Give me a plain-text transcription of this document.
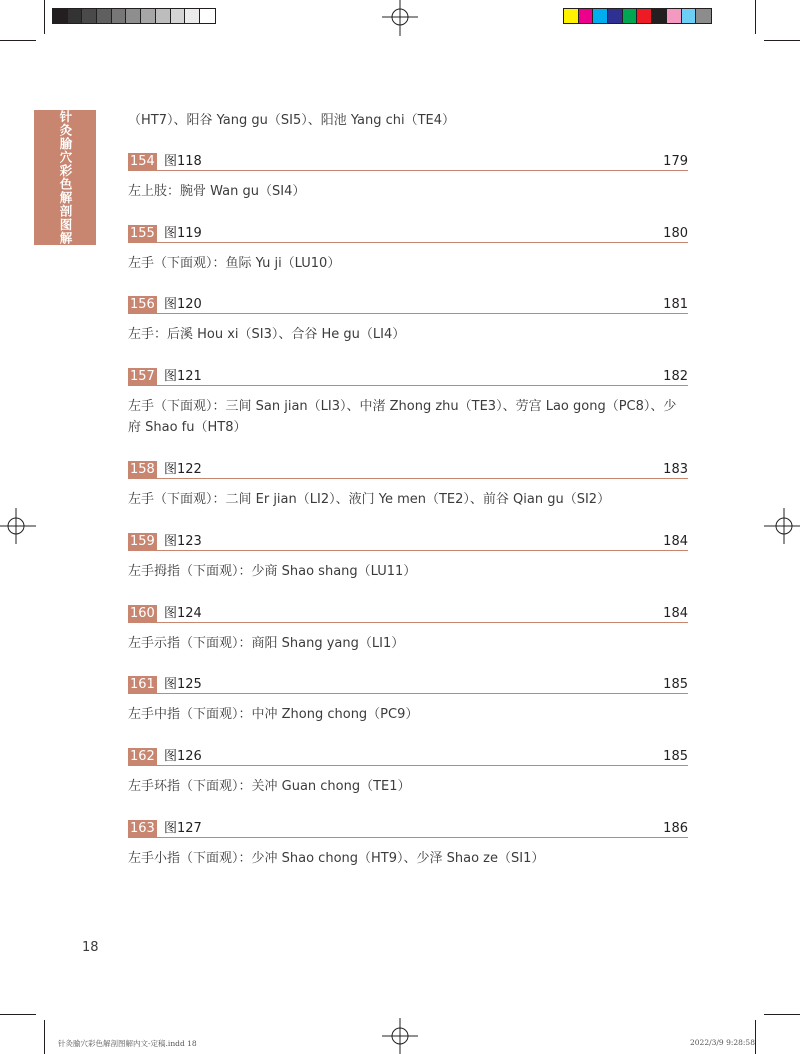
针灸腧穴彩色解剖图解	（HT7）、阳谷 Yang gu（SI5）、阳池 Yang chi（TE4）
154 图118	179
左上肢：腕骨 Wan gu（SI4）
155 图119	180
左手（下面观）：鱼际 Yu ji（LU10）
156 图120	181
左手：后溪 Hou xi（SI3）、合谷 He gu（LI4）
157 图121	182
左手（下面观）：三间 San jian（LI3）、中渚 Zhong zhu（TE3）、劳宫 Lao gong（PC8）、少府 Shao fu（HT8）
158 图122	183
左手（下面观）：二间 Er jian（LI2）、液门 Ye men（TE2）、前谷 Qian gu（SI2）
159 图123	184
左手拇指（下面观）：少商 Shao shang（LU11）
160 图124	184
左手示指（下面观）：商阳 Shang yang（LI1）
161 图125	185
左手中指（下面观）：中冲 Zhong chong（PC9）
162 图126	185
左手环指（下面观）：关冲 Guan chong（TE1）
163 图127	186
左手小指（下面观）：少冲 Shao chong（HT9）、少泽 Shao ze（SI1）
18
针灸腧穴彩色解剖图解内文-定稿.indd 18	2022/3/9 9:28:58
